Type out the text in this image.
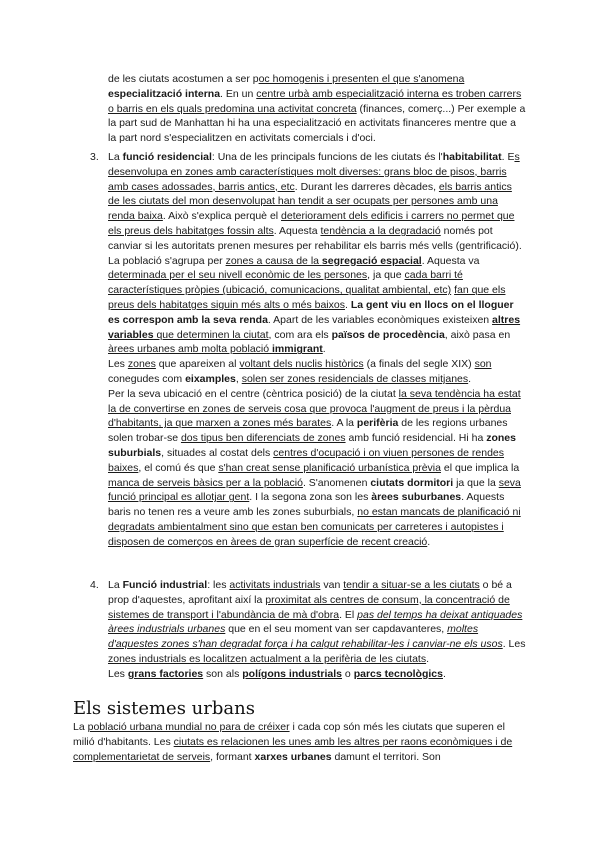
de les ciutats acostumen a ser poc homogenis i presenten el que s'anomena
especialització interna. En un centre urbà amb especialització interna es troben carrers o barris en els quals predomina una activitat concreta (finances, comerç...) Per exemple a la part sud de Manhattan hi ha una especialització en activitats financeres mentre que a la part nord s'especialitzen en activitats comercials i d'oci.

3. La funció residencial: Una de les principals funcions de les ciutats és l'habitabilitat. Es desenvolupa en zones amb característiques molt diverses: grans bloc de pisos, barris amb cases adossades, barris antics, etc. Durant les darreres dècades, els barris antics de les ciutats del mon desenvolupat han tendit a ser ocupats per persones amb una renda baixa. Això s'explica perquè el deteriorament dels edificis i carrers no permet que els preus dels habitatges fossin alts. Aquesta tendència a la degradació només pot canviar si les autoritats prenen mesures per rehabilitar els barris més vells (gentrificació).

La població s'agrupa per zones a causa de la segregació espacial. Aquesta va determinada per el seu nivell econòmic de les persones, ja que cada barri té característiques pròpies (ubicació, comunicacions, qualitat ambiental, etc) fan que els preus dels habitatges siguin més alts o més baixos. La gent viu en llocs on el lloguer es correspon amb la seva renda. Apart de les variables econòmiques existeixen altres variables que determinen la ciutat, com ara els països de procedència, això pasa en àrees urbanes amb molta població immigrant.

Les zones que apareixen al voltant dels nuclis històrics (a finals del segle XIX) son conegudes com eixamples, solen ser zones residencials de classes mitjanes.

Per la seva ubicació en el centre (cèntrica posició) de la ciutat la seva tendència ha estat la de convertirse en zones de serveis cosa que provoca l'augment de preus i la pèrdua d'habitants, ja que marxen a zones més barates. A la perifèria de les regions urbanes solen trobar-se dos tipus ben diferenciats de zones amb funció residencial. Hi ha zones suburbials, situades al costat dels centres d'ocupació i on viuen persones de rendes baixes, el comú és que s'han creat sense planificació urbanística prèvia el que implica la manca de serveis bàsics per a la població. S'anomenen ciutats dormitori ja que la seva funció principal es allotjar gent. I la segona zona son les àrees suburbanes. Aquests baris no tenen res a veure amb les zones suburbials, no estan mancats de planificació ni degradats ambientalment sino que estan ben comunicats per carreteres i autopistes i disposen de comerços en àrees de gran superfície de recent creació.

4. La Funció industrial: les activitats industrials van tendir a situar-se a les ciutats o bé a prop d'aquestes, aprofitant així la proximitat als centres de consum, la concentració de sistemes de transport i l'abundància de mà d'obra. El pas del temps ha deixat antiquades àrees industrials urbanes que en el seu moment van ser capdavanteres, moltes d'aquestes zones s'han degradat força i ha calgut rehabilitar-les i canviar-ne els usos. Les zones industrials es localitzen actualment a la perifèria de les ciutats.
Les grans factories son als polígons industrials o parcs tecnològics.

Els sistemes urbans

La població urbana mundial no para de créixer i cada cop són més les ciutats que superen el milió d'habitants. Les ciutats es relacionen les unes amb les altres per raons econòmiques i de complementarietat de serveis, formant xarxes urbanes damunt el territori. Son
